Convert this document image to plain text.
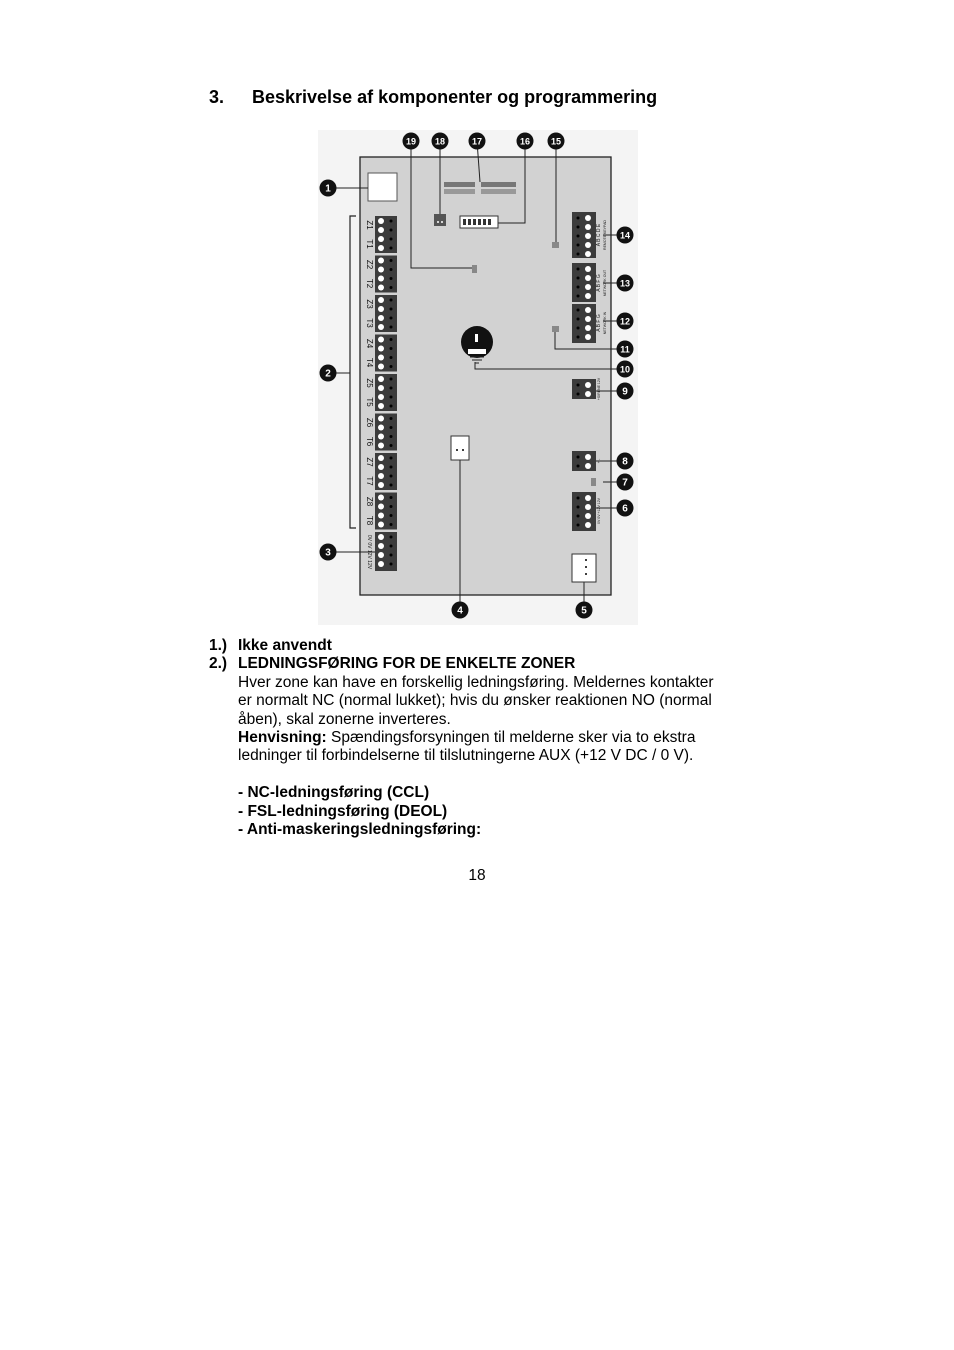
3. Beskrivelse af komponenter og programmering
Z1
T1
Z2
T2
Z3
T3
Z4
T4
Z5
T5
Z6
T6
Z7
T7
Z8
T8
0V 0V 12V 12V
A B C D E REMOTE KEYPAD
A B F G NETWORK OUT
A B F G NETWORK IN
+SIRENE 12V
+ -
0V 0V +12V 12V
1
2
3
4	5
6
7
8
9
10
11
12
13
14
15
16
17
18
19
1.) Ikke anvendt
2.) LEDNINGSFØRING FOR DE ENKELTE ZONER
Hver zone kan have en forskellig ledningsføring. Meldernes kontakter
er normalt NC (normal lukket); hvis du ønsker reaktionen NO (normal
åben), skal zonerne inverteres.
Henvisning: Spændingsforsyningen til melderne sker via to ekstra
ledninger til forbindelserne til tilslutningerne AUX (+12 V DC / 0 V).
- NC-ledningsføring (CCL)
- FSL-ledningsføring (DEOL)
- Anti-maskeringsledningsføring:
18
